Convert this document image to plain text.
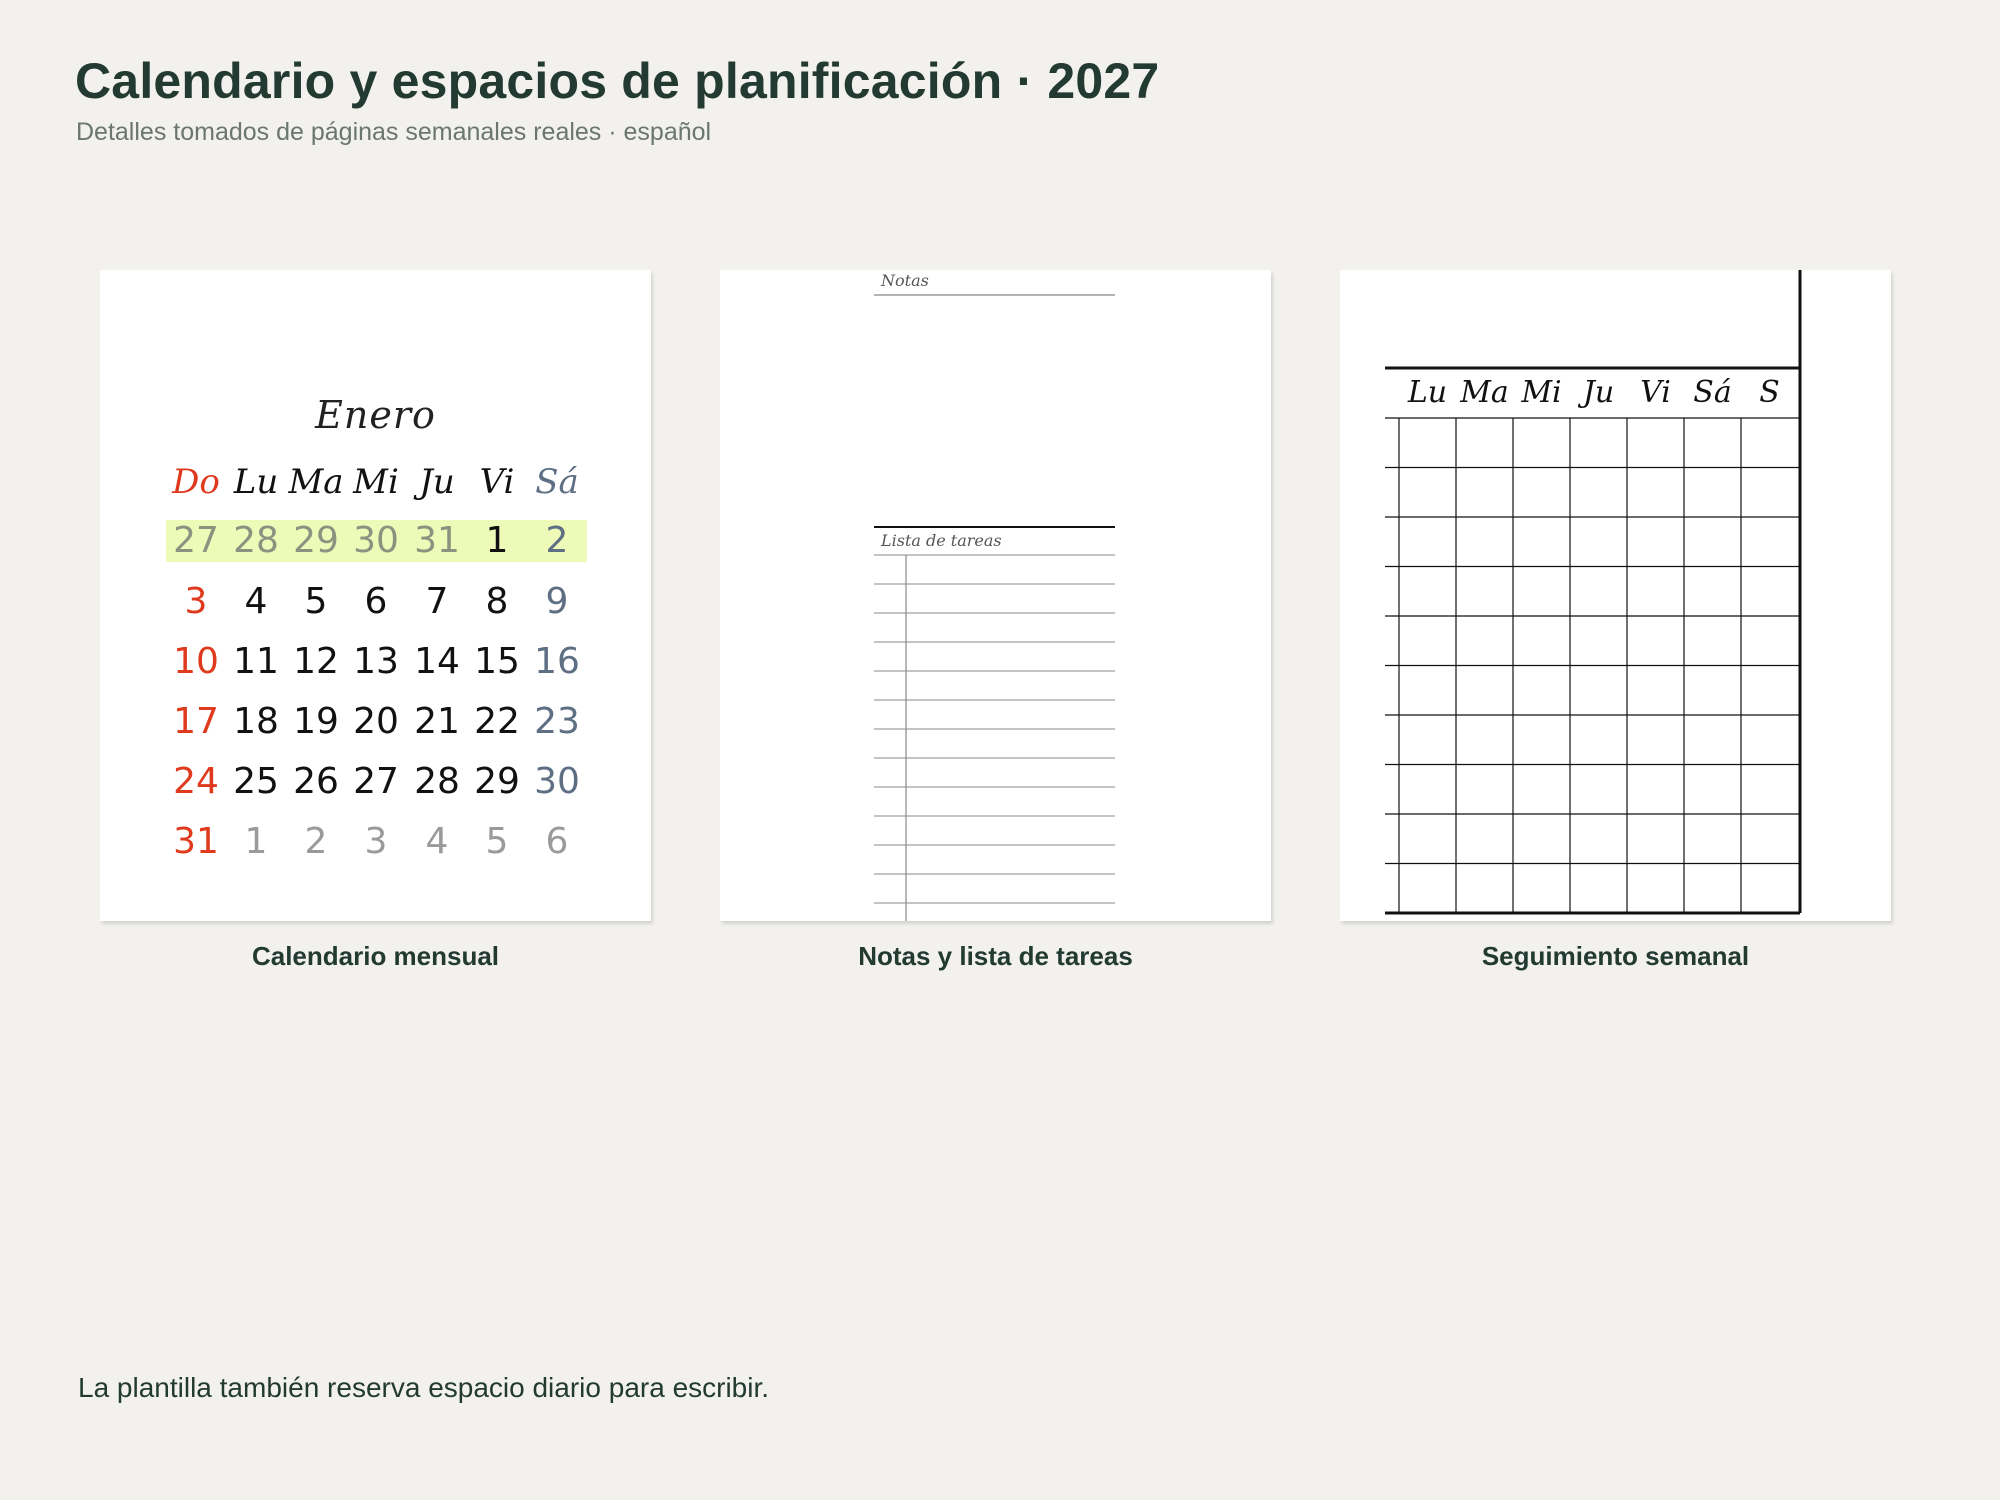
Calendario y espacios de planificación · 2027
Detalles tomados de páginas semanales reales · español
Enero
Do Lu Ma Mi Ju Vi Sá
27 28 29 30 31 1	2
3	4	5	6	7	8	9
10 11 12 13 14 15 16
17 18 19 20 21 22 23
24 25 26 27 28 29 30
31 1	2	3	4	5	6
Calendario mensual
Notas
Lista de tareas
Notas y lista de tareas
Lu Ma Mi Ju Vi Sá S
Seguimiento semanal
La plantilla también reserva espacio diario para escribir.
